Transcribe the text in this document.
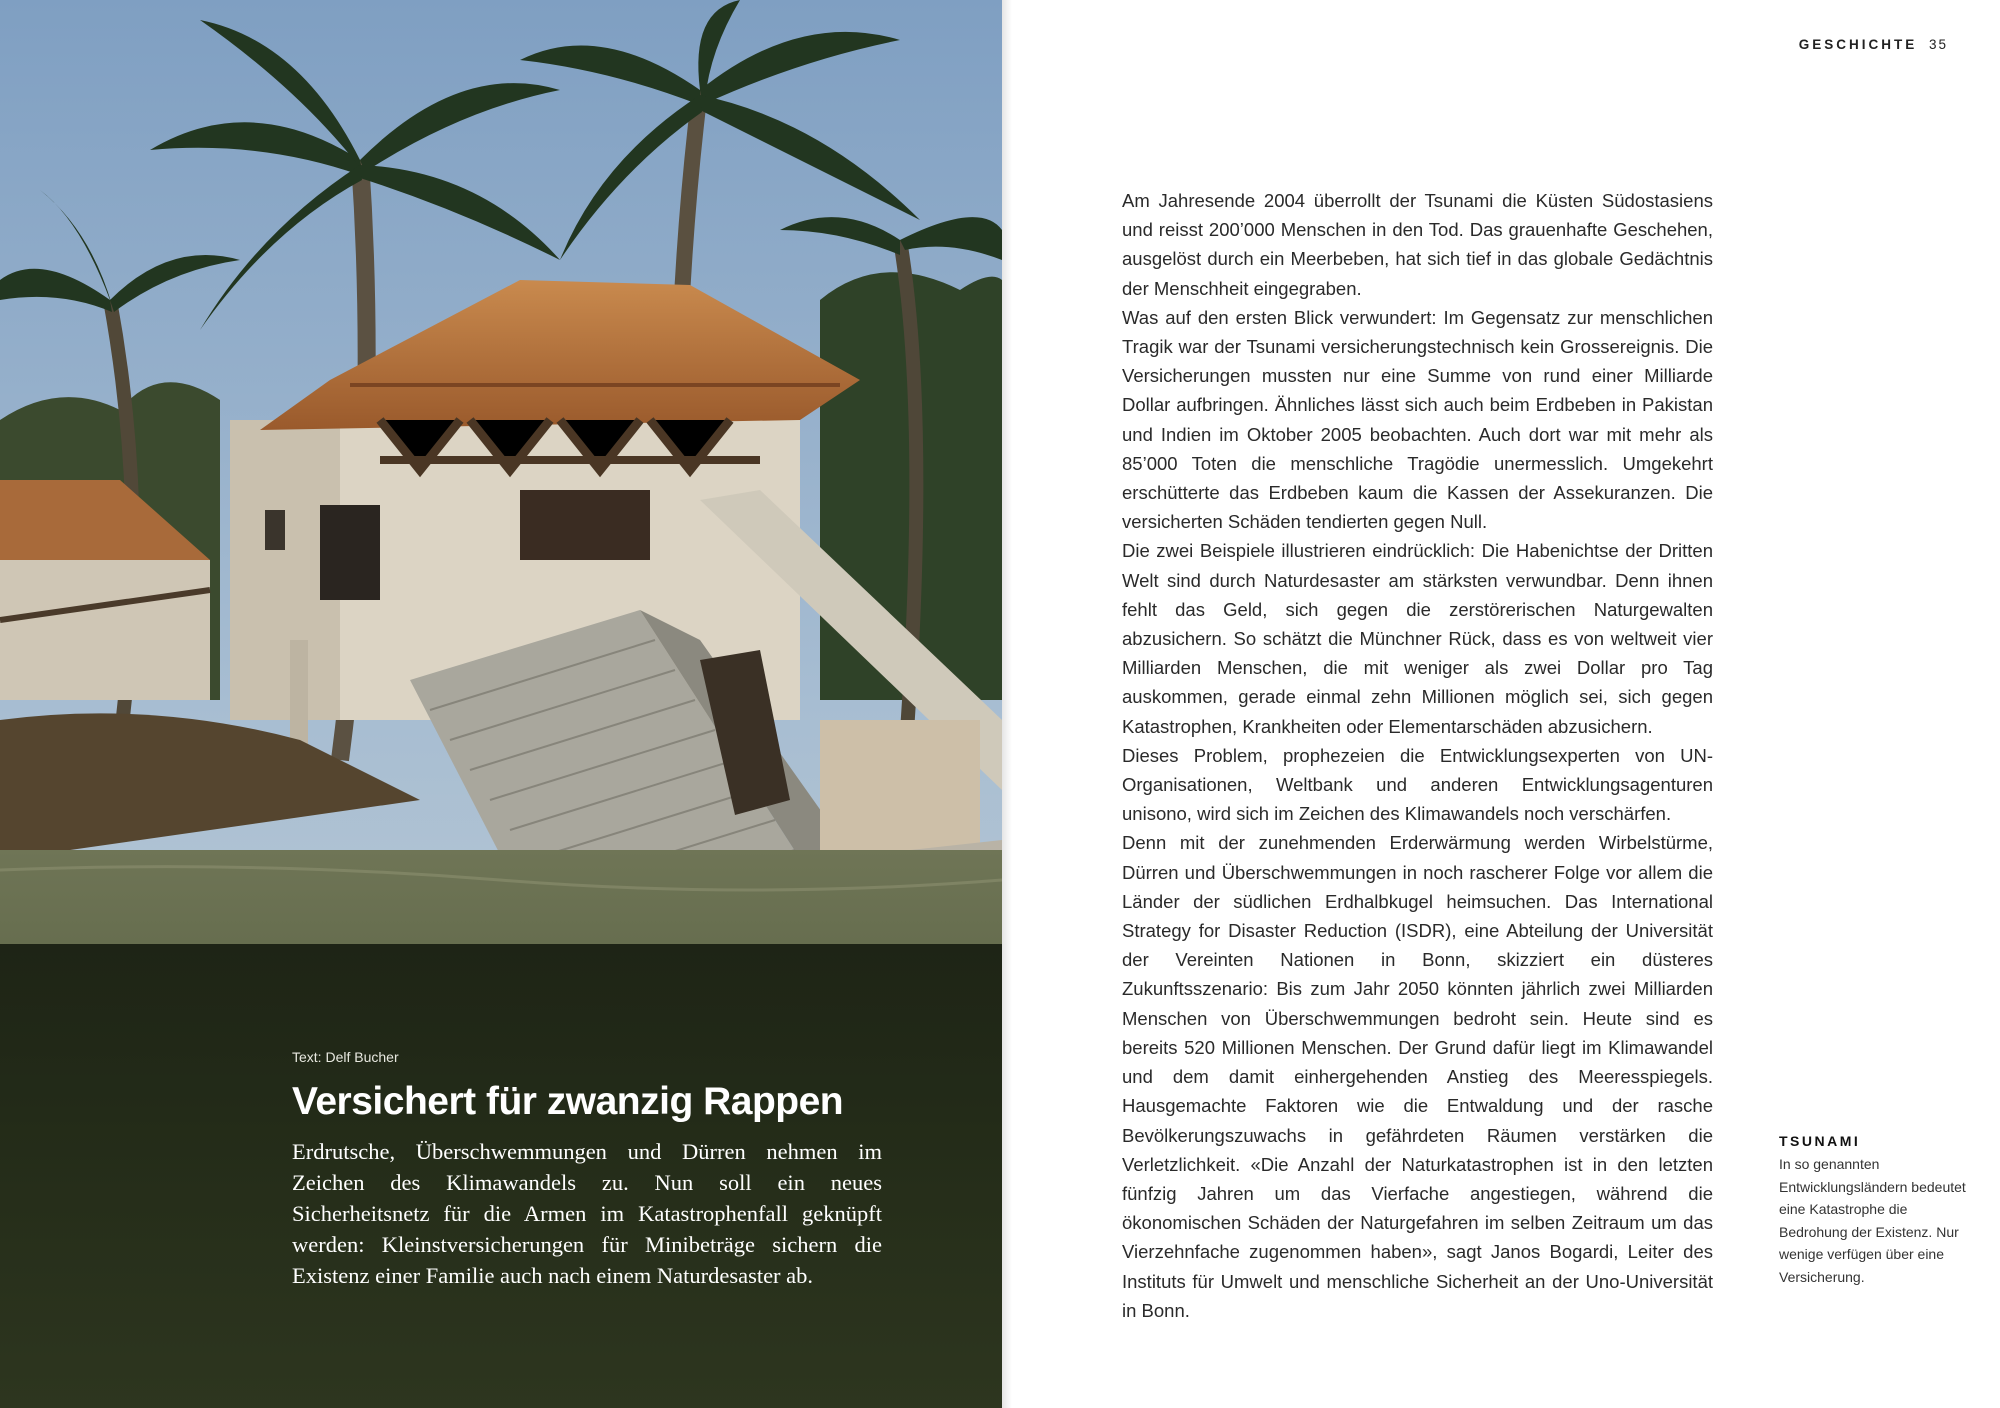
Text: Delf Bucher
Versichert für zwanzig Rappen

Erdrutsche, Überschwemmungen und Dürren nehmen im Zeichen des Klimawandels zu. Nun soll ein neues Sicherheitsnetz für die Armen im Katastrophenfall geknüpft werden: Kleinstversicherungen für Minibeträge sichern die Existenz einer Familie auch nach einem Naturdesaster ab.

GESCHICHTE 35

Am Jahresende 2004 überrollt der Tsunami die Küsten Südostasiens und reisst 200’000 Menschen in den Tod. Das grauenhafte Geschehen, ausgelöst durch ein Meerbeben, hat sich tief in das globale Gedächtnis der Menschheit eingegraben.

Was auf den ersten Blick verwundert: Im Gegensatz zur menschlichen Tragik war der Tsunami versicherungstechnisch kein Grossereignis. Die Versicherungen mussten nur eine Summe von rund einer Milliarde Dollar aufbringen. Ähnliches lässt sich auch beim Erdbeben in Pakistan und Indien im Oktober 2005 beobachten. Auch dort war mit mehr als 85’000 Toten die menschliche Tragödie unermesslich. Umgekehrt erschütterte das Erdbeben kaum die Kassen der Assekuranzen. Die versicherten Schäden tendierten gegen Null.

Die zwei Beispiele illustrieren eindrücklich: Die Habenichtse der Dritten Welt sind durch Naturdesaster am stärksten verwundbar. Denn ihnen fehlt das Geld, sich gegen die zerstörerischen Naturgewalten abzusichern. So schätzt die Münchner Rück, dass es von weltweit vier Milliarden Menschen, die mit weniger als zwei Dollar pro Tag auskommen, gerade einmal zehn Millionen möglich sei, sich gegen Katastrophen, Krankheiten oder Elementarschäden abzusichern.

Dieses Problem, prophezeien die Entwicklungsexperten von UN-Organisationen, Weltbank und anderen Entwicklungsagenturen unisono, wird sich im Zeichen des Klimawandels noch verschärfen.

Denn mit der zunehmenden Erderwärmung werden Wirbelstürme, Dürren und Überschwemmungen in noch rascherer Folge vor allem die Länder der südlichen Erdhalbkugel heimsuchen. Das International Strategy for Disaster Reduction (ISDR), eine Abteilung der Universität der Vereinten Nationen in Bonn, skizziert ein düsteres Zukunftsszenario: Bis zum Jahr 2050 könnten jährlich zwei Milliarden Menschen von Überschwemmungen bedroht sein. Heute sind es bereits 520 Millionen Menschen. Der Grund dafür liegt im Klimawandel und dem damit einhergehenden Anstieg des Meeresspiegels. Hausgemachte Faktoren wie die Entwaldung und der rasche Bevölkerungszuwachs in gefährdeten Räumen verstärken die Verletzlichkeit. «Die Anzahl der Naturkatastrophen ist in den letzten fünfzig Jahren um das Vierfache angestiegen, während die ökonomischen Schäden der Naturgefahren im selben Zeitraum um das Vierzehnfache zugenommen haben», sagt Janos Bogardi, Leiter des Instituts für Umwelt und menschliche Sicherheit an der Uno-Universität in Bonn.

TSUNAMI
In so genannten Entwicklungsländern bedeutet eine Katastrophe die Bedrohung der Existenz. Nur wenige verfügen über eine Versicherung.
